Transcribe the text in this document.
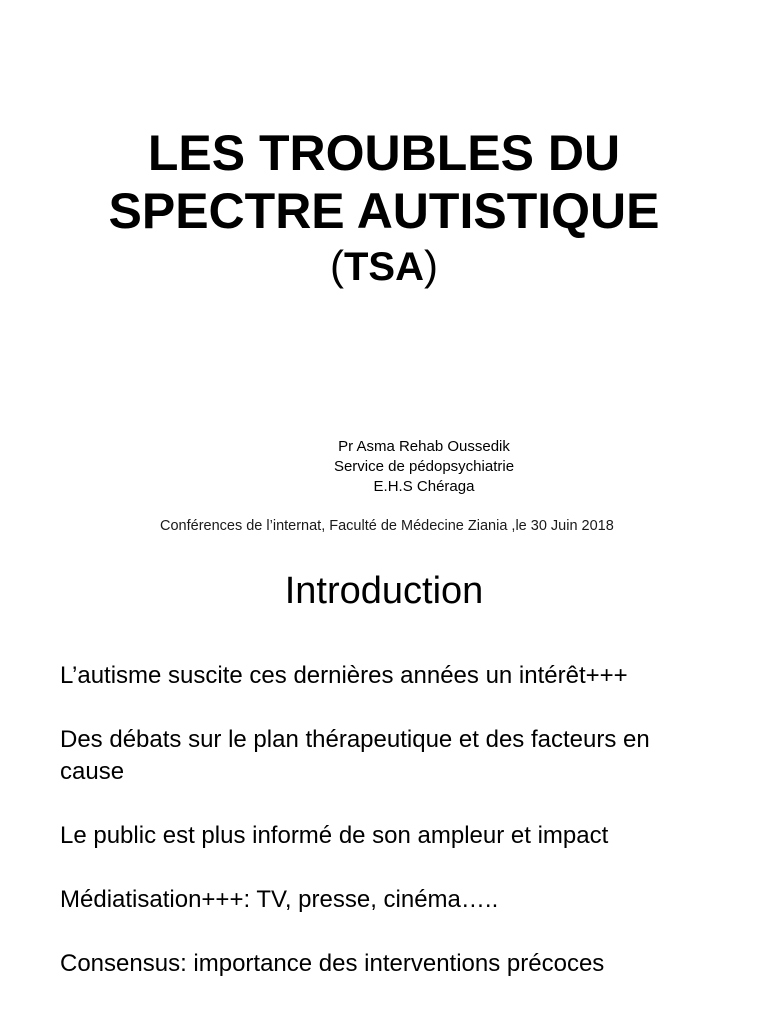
LES TROUBLES DU
SPECTRE AUTISTIQUE
(TSA)
Pr Asma Rehab Oussedik
Service de pédopsychiatrie
E.H.S Chéraga
Conférences de l’internat, Faculté de Médecine Ziania ,le 30 Juin 2018
Introduction
L’autisme suscite ces dernières années un intérêt+++
Des débats sur le plan thérapeutique et des facteurs en cause
Le public est plus informé de son ampleur et impact
Médiatisation+++: TV, presse, cinéma…..
Consensus: importance des interventions précoces
